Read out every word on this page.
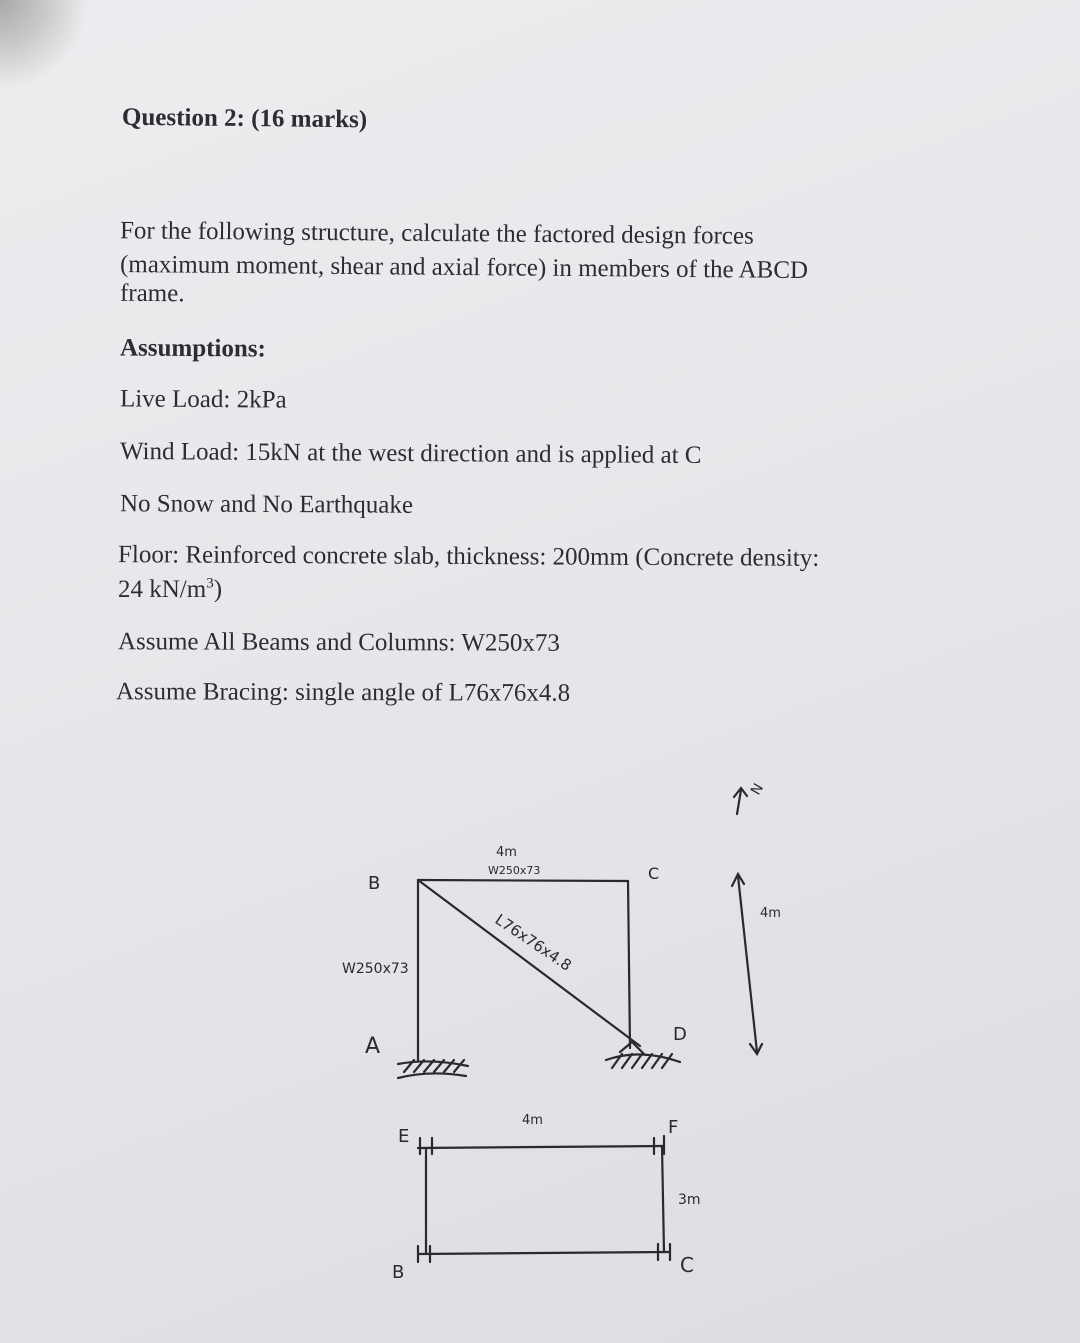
Question 2: (16 marks)
For the following structure, calculate the factored design forces
(maximum moment, shear and axial force) in members of the ABCD
frame.
Assumptions:
Live Load: 2kPa
Wind Load: 15kN at the west direction and is applied at C
No Snow and No Earthquake
Floor: Reinforced concrete slab, thickness: 200mm (Concrete density:
24 $kN/m^3$)
Assume All Beams and Columns: W250x73
Assume Bracing: single angle of L76x76x4.8
N
B	C
A	D
4m
W250x73
W250x73	L76x76x4.8	4m
E	F
B	C
4m
3m
